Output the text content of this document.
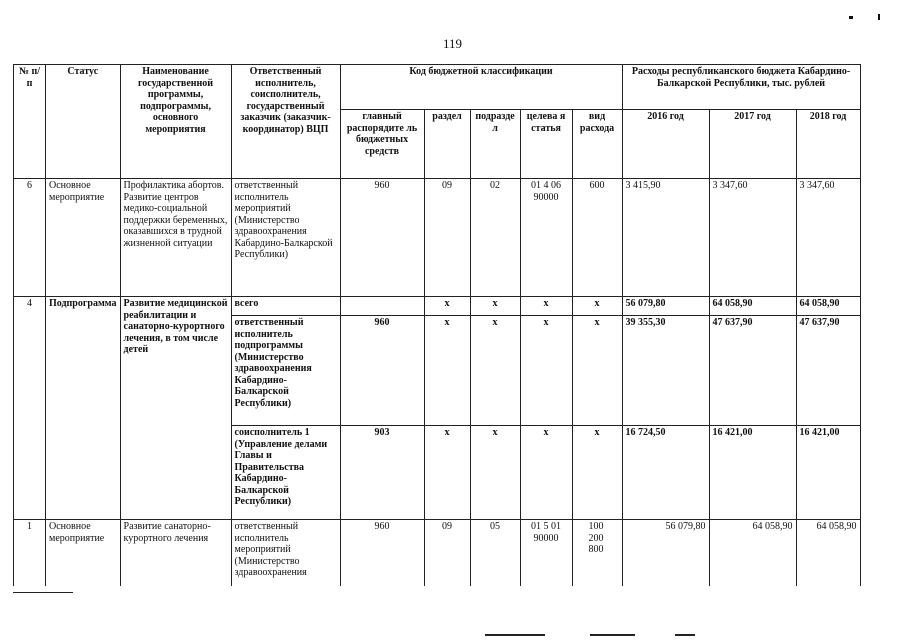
119
№ п/п	Статус	Наименование государственной программы, подпрограммы, основного мероприятия	Ответственный исполнитель, соисполнитель, государственный заказчик (заказчик-координатор) ВЦП	Код бюджетной классификации					Расходы республиканского бюджета Кабардино-Балкарской Республики, тыс. рублей		
				главный распорядите ль бюджетных средств	раздел	подразде л	целева я статья	вид расхода	2016 год	2017 год	2018 год
6	Основное мероприятие	Профилактика абортов. Развитие центров медико-социальной поддержки беременных, оказавшихся в трудной жизненной ситуации	ответственный исполнитель мероприятий (Министерство здравоохранения Кабардино-Балкарской Республики)	960	09	02	01 4 06 90000	600	3 415,90	3 347,60	3 347,60
4	Подпрограмма	Развитие медицинской реабилитации и санаторно-курортного лечения, в том числе детей	всего		х	х	х	х	56 079,80	64 058,90	64 058,90
			ответственный исполнитель подпрограммы (Министерство здравоохранения Кабардино-Балкарской Республики)	960	х	х	х	х	39 355,30	47 637,90	47 637,90
			соисполнитель 1 (Управление делами Главы и Правительства Кабардино-Балкарской Республики)	903	х	х	х	х	16 724,50	16 421,00	16 421,00
1	Основное мероприятие	Развитие санаторно-курортного лечения	ответственный исполнитель мероприятий (Министерство здравоохранения	960	09	05	01 5 01 90000	100 200 800	56 079,80	64 058,90	64 058,90
